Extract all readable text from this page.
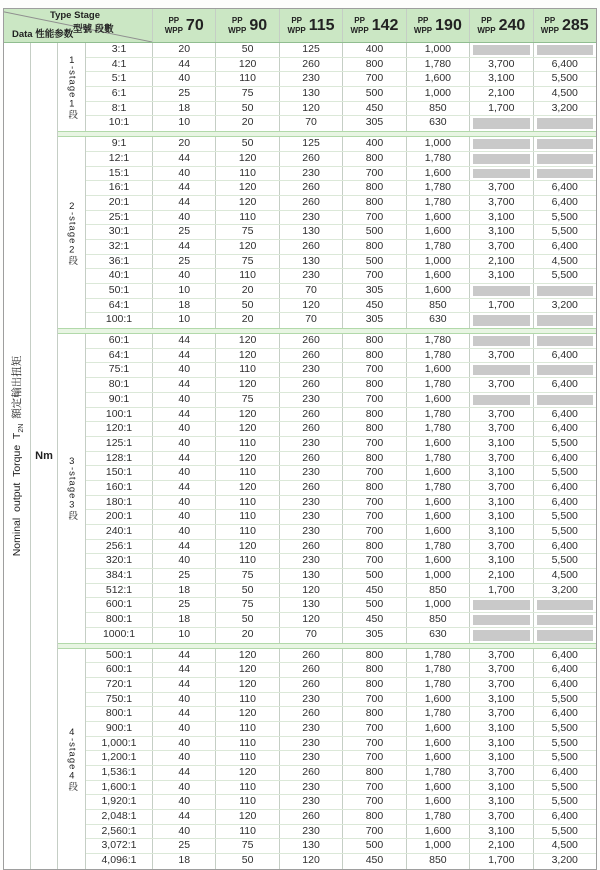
Type Stage
型號 段數
Data 性能参数
PP
WPP 70	PP
WPP 90	PP
WPP 115	PP
WPP 142	PP
WPP 190	PP
WPP 240	PP
WPP 285
Nominal output Torque $T_{2N}$額定輸出扭矩
Nm
1-stage1段
3:1	20	50	125	400	1,000
4:1	44	120	260	800	1,780	3,700	6,400
5:1	40	110	230	700	1,600	3,100	5,500
6:1	25	75	130	500	1,000	2,100	4,500
8:1	18	50	120	450	850	1,700	3,200
10:1	10	20	70	305	630
2-stage2段
9:1	20	50	125	400	1,000
12:1	44	120	260	800	1,780
15:1	40	110	230	700	1,600
16:1	44	120	260	800	1,780	3,700	6,400
20:1	44	120	260	800	1,780	3,700	6,400
25:1	40	110	230	700	1,600	3,100	5,500
30:1	25	75	130	500	1,600	3,100	5,500
32:1	44	120	260	800	1,780	3,700	6,400
36:1	25	75	130	500	1,000	2,100	4,500
40:1	40	110	230	700	1,600	3,100	5,500
50:1	10	20	70	305	1,600
64:1	18	50	120	450	850	1,700	3,200
100:1	10	20	70	305	630
3-stage3段
60:1	44	120	260	800	1,780
64:1	44	120	260	800	1,780	3,700	6,400
75:1	40	110	230	700	1,600
80:1	44	120	260	800	1,780	3,700	6,400
90:1	40	75	230	700	1,600
100:1	44	120	260	800	1,780	3,700	6,400
120:1	40	120	260	800	1,780	3,700	6,400
125:1	40	110	230	700	1,600	3,100	5,500
128:1	44	120	260	800	1,780	3,700	6,400
150:1	40	110	230	700	1,600	3,100	5,500
160:1	44	120	260	800	1,780	3,700	6,400
180:1	40	110	230	700	1,600	3,100	6,400
200:1	40	110	230	700	1,600	3,100	5,500
240:1	40	110	230	700	1,600	3,100	5,500
256:1	44	120	260	800	1,780	3,700	6,400
320:1	40	110	230	700	1,600	3,100	5,500
384:1	25	75	130	500	1,000	2,100	4,500
512:1	18	50	120	450	850	1,700	3,200
600:1	25	75	130	500	1,000
800:1	18	50	120	450	850
1000:1	10	20	70	305	630
4-stage4段
500:1	44	120	260	800	1,780	3,700	6,400
600:1	44	120	260	800	1,780	3,700	6,400
720:1	44	120	260	800	1,780	3,700	6,400
750:1	40	110	230	700	1,600	3,100	5,500
800:1	44	120	260	800	1,780	3,700	6,400
900:1	40	110	230	700	1,600	3,100	5,500
1,000:1	40	110	230	700	1,600	3,100	5,500
1,200:1	40	110	230	700	1,600	3,100	5,500
1,536:1	44	120	260	800	1,780	3,700	6,400
1,600:1	40	110	230	700	1,600	3,100	5,500
1,920:1	40	110	230	700	1,600	3,100	5,500
2,048:1	44	120	260	800	1,780	3,700	6,400
2,560:1	40	110	230	700	1,600	3,100	5,500
3,072:1	25	75	130	500	1,000	2,100	4,500
4,096:1	18	50	120	450	850	1,700	3,200
